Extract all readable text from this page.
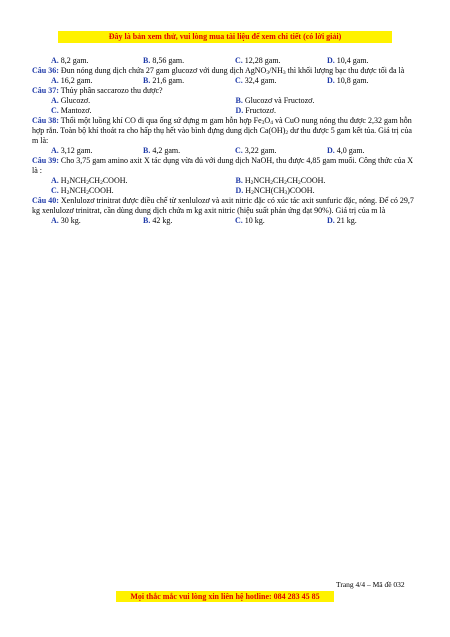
Đây là bản xem thử, vui lòng mua tài liệu để xem chi tiết (có lời giải)
A. 8,2 gam.	B. 8,56 gam.	C. 12,28 gam.	D. 10,4 gam.

Câu 36: Đun nóng dung dịch chứa 27 gam glucozơ với dung dịch $AgNO_3/NH_3$ thì khối lượng bạc thu được tối đa là

A. 16,2 gam.	B. 21,6 gam.	C. 32,4 gam.	D. 10,8 gam.

Câu 37: Thủy phân saccarozo thu được?

A. Glucozơ.	B. Glucozơ và Fructozơ.
C. Mantozơ.	D. Fructozơ.

Câu 38: Thổi một luồng khí CO đi qua ống sứ đựng m gam hỗn hợp $Fe_3O_4$ và CuO nung nóng thu được 2,32 gam hỗn hợp rắn. Toàn bộ khí thoát ra cho hấp thụ hết vào bình đựng dung dịch $Ca(OH)_2$ dư thu được 5 gam kết tủa. Giá trị của m là:

A. 3,12 gam.	B. 4,2 gam.	C. 3,22 gam.	D. 4,0 gam.

Câu 39: Cho 3,75 gam amino axit X tác dụng vừa đủ với dung dịch NaOH, thu được 4,85 gam muối. Công thức của X là :

A. $H_2NCH_2CH_2COOH$.	B. $H_2NCH_2CH_2CH_2COOH$.
C. $H_2NCH_2COOH$.	D. $H_2NCH(CH_3)COOH$.

Câu 40: Xenlulozơ trinitrat được điều chế từ xenlulozơ và axit nitric đặc có xúc tác axit sunfuric đặc, nóng. Để có 29,7 kg xenlulozơ trinitrat, cần dùng dung dịch chứa m kg axit nitric (hiệu suất phản ứng đạt 90%). Giá trị của m là

A. 30 kg.	B. 42 kg.	C. 10 kg.	D. 21 kg.
Trang 4/4 – Mã đề 032
Mọi thắc mắc vui lòng xin liên hệ hotline: 084 283 45 85
